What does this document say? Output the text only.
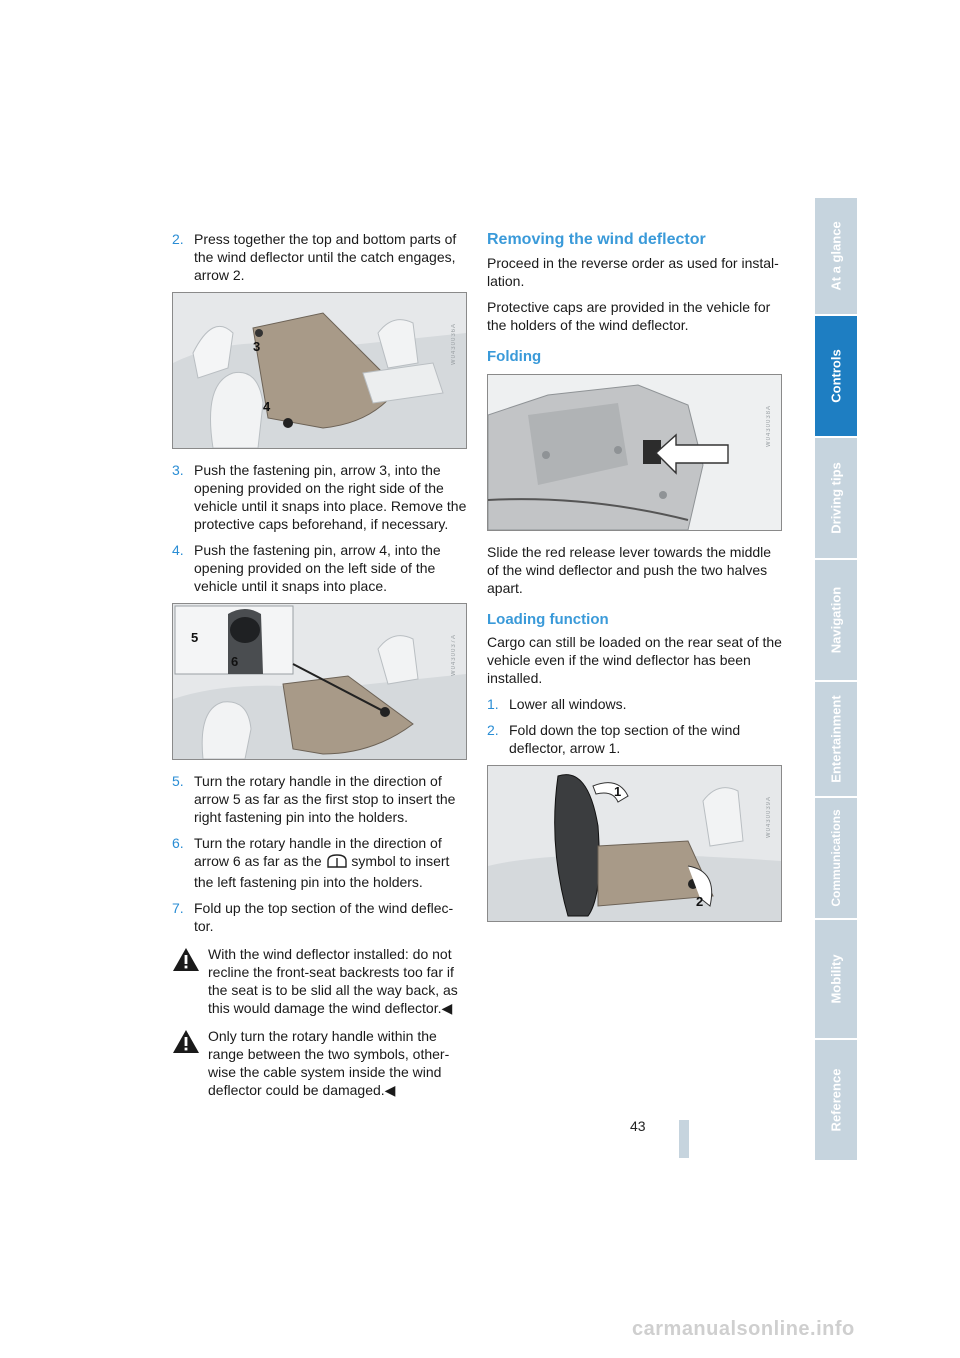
2. Press together the top and bottom parts of the wind deflector until the catch engages, arrow 2.
3
4
W0430036A
3. Push the fastening pin, arrow 3, into the opening provided on the right side of the vehicle until it snaps into place. Remove the protective caps beforehand, if necessary.
4. Push the fastening pin, arrow 4, into the opening provided on the left side of the vehicle until it snaps into place.
5
6	W0430037A
5. Turn the rotary handle in the direction of arrow 5 as far as the first stop to insert the right fastening pin into the holders.
6. Turn the rotary handle in the direction of arrow 6 as far as the symbol to insert the left fastening pin into the holders.
7. Fold up the top section of the wind deflec-tor.
With the wind deflector installed: do not recline the front-seat backrests too far if the seat is to be slid all the way back, as this would damage the wind deflector.◀
Only turn the rotary handle within the range between the two symbols, other-wise the cable system inside the wind deflector could be damaged.◀
Removing the wind deflector

Proceed in the reverse order as used for instal-lation.

Protective caps are provided in the vehicle for the holders of the wind deflector.

Folding
W0430038A

Slide the red release lever towards the middle of the wind deflector and push the two halves apart.

Loading function

Cargo can still be loaded on the rear seat of the vehicle even if the wind deflector has been installed.

1. Lower all windows.
2. Fold down the top section of the wind deflector, arrow 1.
1
2
W0430039A
At a glance
Controls
Driving tips
Navigation
Entertainment
Communications
Mobility
Reference
43
carmanualsonline.info
